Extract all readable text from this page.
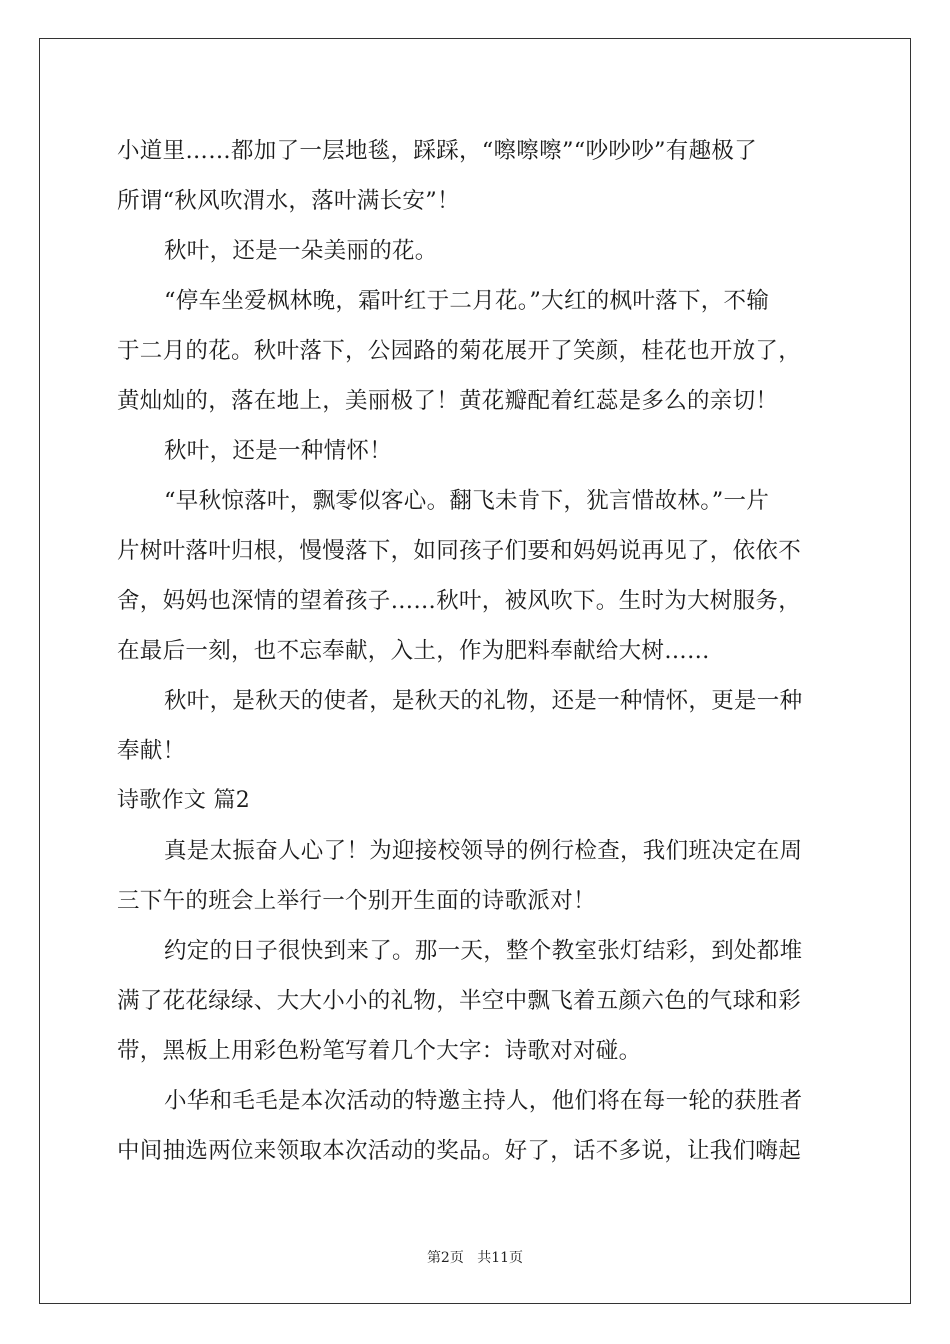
小道里……都加了一层地毯，踩踩，“嚓嚓嚓”“吵吵吵”有趣极了
所谓“秋风吹渭水，落叶满长安”！
秋叶，还是一朵美丽的花。
“停车坐爱枫林晚，霜叶红于二月花。”大红的枫叶落下，不输
于二月的花。秋叶落下，公园路的菊花展开了笑颜，桂花也开放了，
黄灿灿的，落在地上，美丽极了！黄花瓣配着红蕊是多么的亲切！
秋叶，还是一种情怀！
“早秋惊落叶，飘零似客心。翻飞未肯下，犹言惜故林。”一片
片树叶落叶归根，慢慢落下，如同孩子们要和妈妈说再见了，依依不
舍，妈妈也深情的望着孩子……秋叶，被风吹下。生时为大树服务，
在最后一刻，也不忘奉献，入土，作为肥料奉献给大树……
秋叶，是秋天的使者，是秋天的礼物，还是一种情怀，更是一种
奉献！
诗歌作文 篇2
真是太振奋人心了！为迎接校领导的例行检查，我们班决定在周
三下午的班会上举行一个别开生面的诗歌派对！
约定的日子很快到来了。那一天，整个教室张灯结彩，到处都堆
满了花花绿绿、大大小小的礼物，半空中飘飞着五颜六色的气球和彩
带，黑板上用彩色粉笔写着几个大字：诗歌对对碰。
小华和毛毛是本次活动的特邀主持人，他们将在每一轮的获胜者
中间抽选两位来领取本次活动的奖品。好了，话不多说，让我们嗨起
第2页 共11页
